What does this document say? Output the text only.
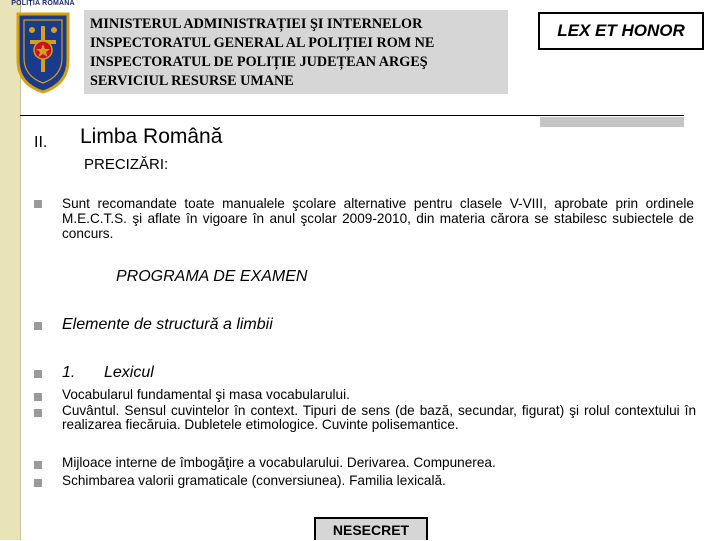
POLIȚIA ROMÂNĂ
MINISTERUL ADMINISTRAȚIEI ŞI INTERNELOR
INSPECTORATUL GENERAL AL POLIȚIEI ROM NE
INSPECTORATUL DE POLIȚIE JUDEȚEAN ARGEŞ
SERVICIUL RESURSE UMANE
LEX ET HONOR
II. Limba Română
PRECIZĂRI:
Sunt recomandate toate manualele şcolare alternative pentru clasele V-VIII, aprobate prin ordinele M.E.C.T.S. şi aflate în vigoare în anul şcolar 2009-2010, din materia cărora se stabilesc subiectele de concurs.
PROGRAMA DE EXAMEN
Elemente de structură a limbii
1. Lexicul
Vocabularul fundamental şi masa vocabularului.
Cuvântul. Sensul cuvintelor în context. Tipuri de sens (de bază, secundar, figurat) şi rolul contextului în realizarea fiecăruia. Dubletele etimologice. Cuvinte polisemantice.
Mijloace interne de îmbogăţire a vocabularului. Derivarea. Compunerea.
Schimbarea valorii gramaticale (conversiunea). Familia lexicală.
NESECRET
